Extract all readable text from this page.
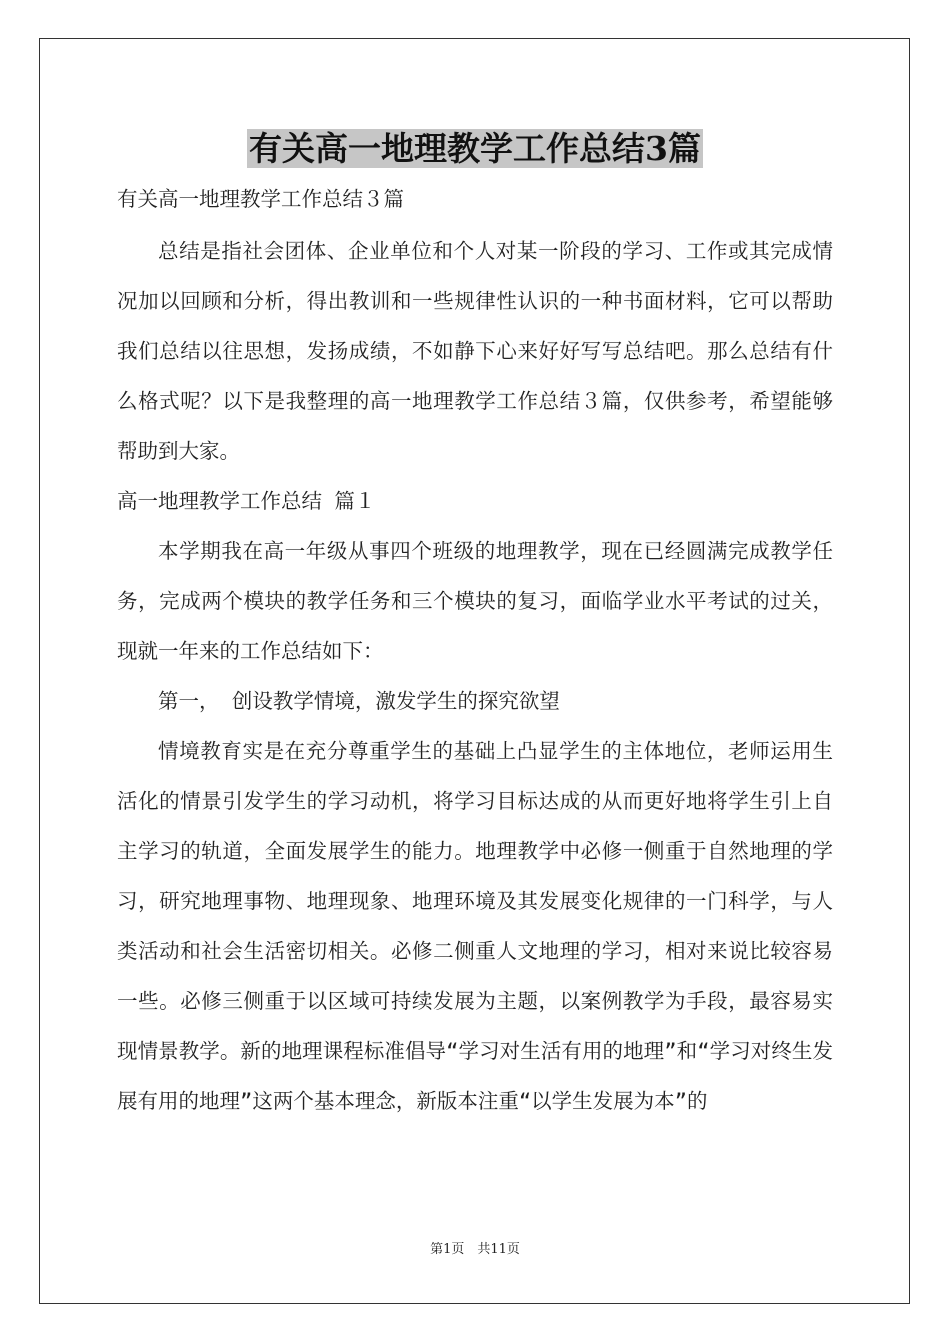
有关高一地理教学工作总结3篇

有关高一地理教学工作总结３篇

总结是指社会团体、企业单位和个人对某一阶段的学习、工作或其完成情况加以回顾和分析，得出教训和一些规律性认识的一种书面材料，它可以帮助我们总结以往思想，发扬成绩，不如静下心来好好写写总结吧。那么总结有什么格式呢？以下是我整理的高一地理教学工作总结３篇，仅供参考，希望能够帮助到大家。

高一地理教学工作总结 篇１

本学期我在高一年级从事四个班级的地理教学，现在已经圆满完成教学任务，完成两个模块的教学任务和三个模块的复习，面临学业水平考试的过关，现就一年来的工作总结如下：

第一， 创设教学情境，激发学生的探究欲望

情境教育实是在充分尊重学生的基础上凸显学生的主体地位，老师运用生活化的情景引发学生的学习动机，将学习目标达成的从而更好地将学生引上自主学习的轨道，全面发展学生的能力。地理教学中必修一侧重于自然地理的学习，研究地理事物、地理现象、地理环境及其发展变化规律的一门科学，与人类活动和社会生活密切相关。必修二侧重人文地理的学习，相对来说比较容易一些。必修三侧重于以区域可持续发展为主题，以案例教学为手段，最容易实现情景教学。新的地理课程标准倡导“学习对生活有用的地理”和“学习对终生发展有用的地理”这两个基本理念，新版本注重“以学生发展为本”的

第1页　共11页
